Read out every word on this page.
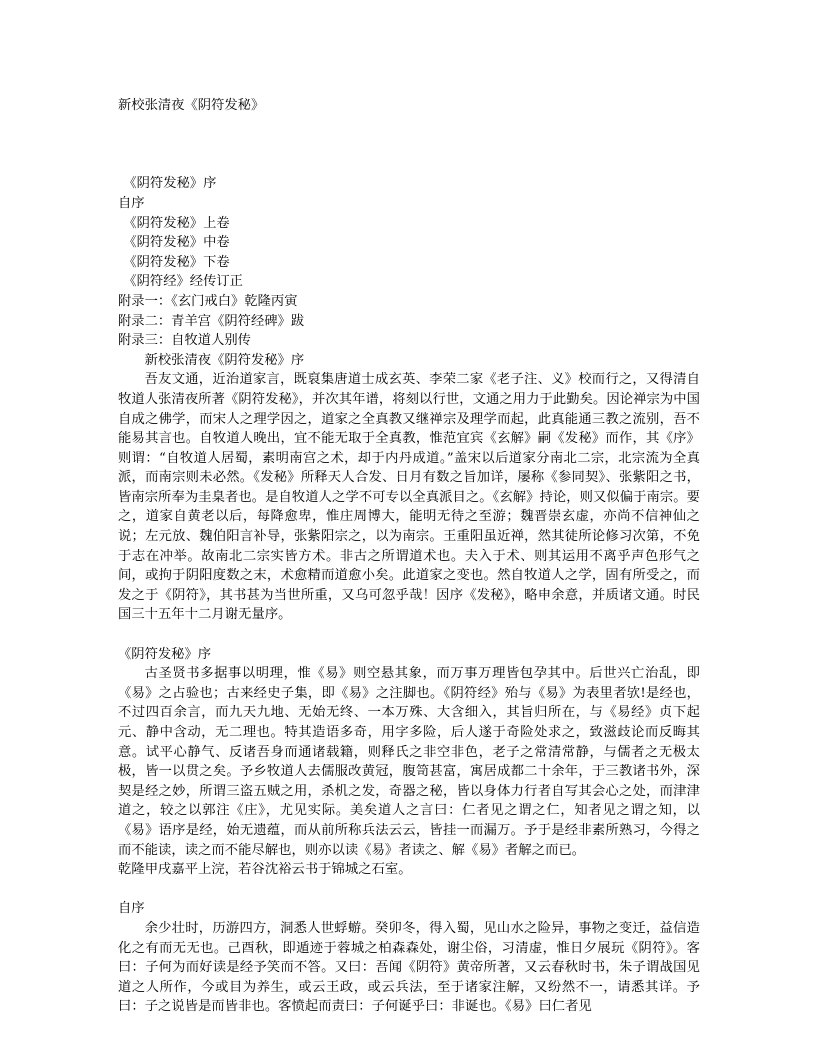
新校张清夜《阴符发秘》
《阴符发秘》序
自序
《阴符发秘》上卷
《阴符发秘》中卷
《阴符发秘》下卷
《阴符经》经传订正
附录一：《玄门戒白》乾隆丙寅
附录二：青羊宫《阴符经碑》跋
附录三：自牧道人别传
新校张清夜《阴符发秘》序

吾友文通，近治道家言，既裒集唐道士成玄英、李荣二家《老子注、义》校而行之，又得清自牧道人张清夜所著《阴符发秘》，并次其年谱，将刻以行世，文通之用力于此勤矣。因论禅宗为中国自成之佛学，而宋人之理学因之，道家之全真教又继禅宗及理学而起，此真能通三教之流别，吾不能易其言也。自牧道人晚出，宜不能无取于全真教，惟范宜宾《玄解》嗣《发秘》而作，其《序》则谓：“自牧道人居蜀，素明南宫之术，却于内丹成道。”盖宋以后道家分南北二宗，北宗流为全真派，而南宗则未必然。《发秘》所释天人合发、日月有数之旨加详，屡称《参同契》、张紫阳之书，皆南宗所奉为圭臬者也。是自牧道人之学不可专以全真派目之。《玄解》持论，则又似偏于南宗。要之，道家自黄老以后，每降愈卑，惟庄周博大，能明无待之至游；魏晋崇玄虚，亦尚不信神仙之说；左元放、魏伯阳言补导，张紫阳宗之，以为南宗。王重阳虽近禅，然其徒所论修习次第，不免于志在冲举。故南北二宗实皆方术。非古之所谓道术也。夫入于术、则其运用不离乎声色形气之间，或拘于阴阳度数之末，术愈精而道愈小矣。此道家之变也。然自牧道人之学，固有所受之，而发之于《阴符》，其书甚为当世所重，又乌可忽乎哉！因序《发秘》，略申余意，并质诸文通。时民国三十五年十二月谢无量序。

《阴符发秘》序

古圣贤书多据事以明理，惟《易》则空悬其象，而万事万理皆包孕其中。后世兴亡治乱，即《易》之占验也；古来经史子集，即《易》之注脚也。《阴符经》殆与《易》为表里者欤!是经也，不过四百余言，而九天九地、无始无终、一本万殊、大含细入，其旨归所在，与《易经》贞下起元、静中含动，无二理也。特其造语多奇，用字多险，后人遂于奇险处求之，致滋歧论而反晦其意。试平心静气、反诸吾身而通诸载籍，则释氏之非空非色，老子之常清常静，与儒者之无极太极，皆一以贯之矣。予乡牧道人去儒服改黄冠，腹笥甚富，寓居成都二十余年，于三教诸书外，深契是经之妙，所谓三盗五贼之用，杀机之发，奇器之秘，皆以身体力行者自写其会心之处，而津津道之，较之以郭注《庄》，尤见实际。美矣道人之言曰：仁者见之谓之仁，知者见之谓之知，以《易》语序是经，始无遗蕴，而从前所称兵法云云，皆挂一而漏万。予于是经非素所熟习，今得之而不能读，读之而不能尽解也，则亦以读《易》者读之、解《易》者解之而已。

乾隆甲戌嘉平上浣，若谷沈裕云书于锦城之石室。

自序

余少壮时，历游四方，洞悉人世蜉蝣。癸卯冬，得入蜀，见山水之险异，事物之变迁，益信造化之有而无无也。己酉秋，即遁迹于蓉城之柏森森处，谢尘俗，习清虚，惟日夕展玩《阴符》。客曰：子何为而好读是经予笑而不答。又曰：吾闻《阴符》黄帝所著，又云春秋时书，朱子谓战国见道之人所作，今或目为养生，或云王政，或云兵法，至于诸家注解，又纷然不一，请悉其详。予曰：子之说皆是而皆非也。客愤起而责曰：子何诞乎曰：非诞也。《易》曰仁者见
